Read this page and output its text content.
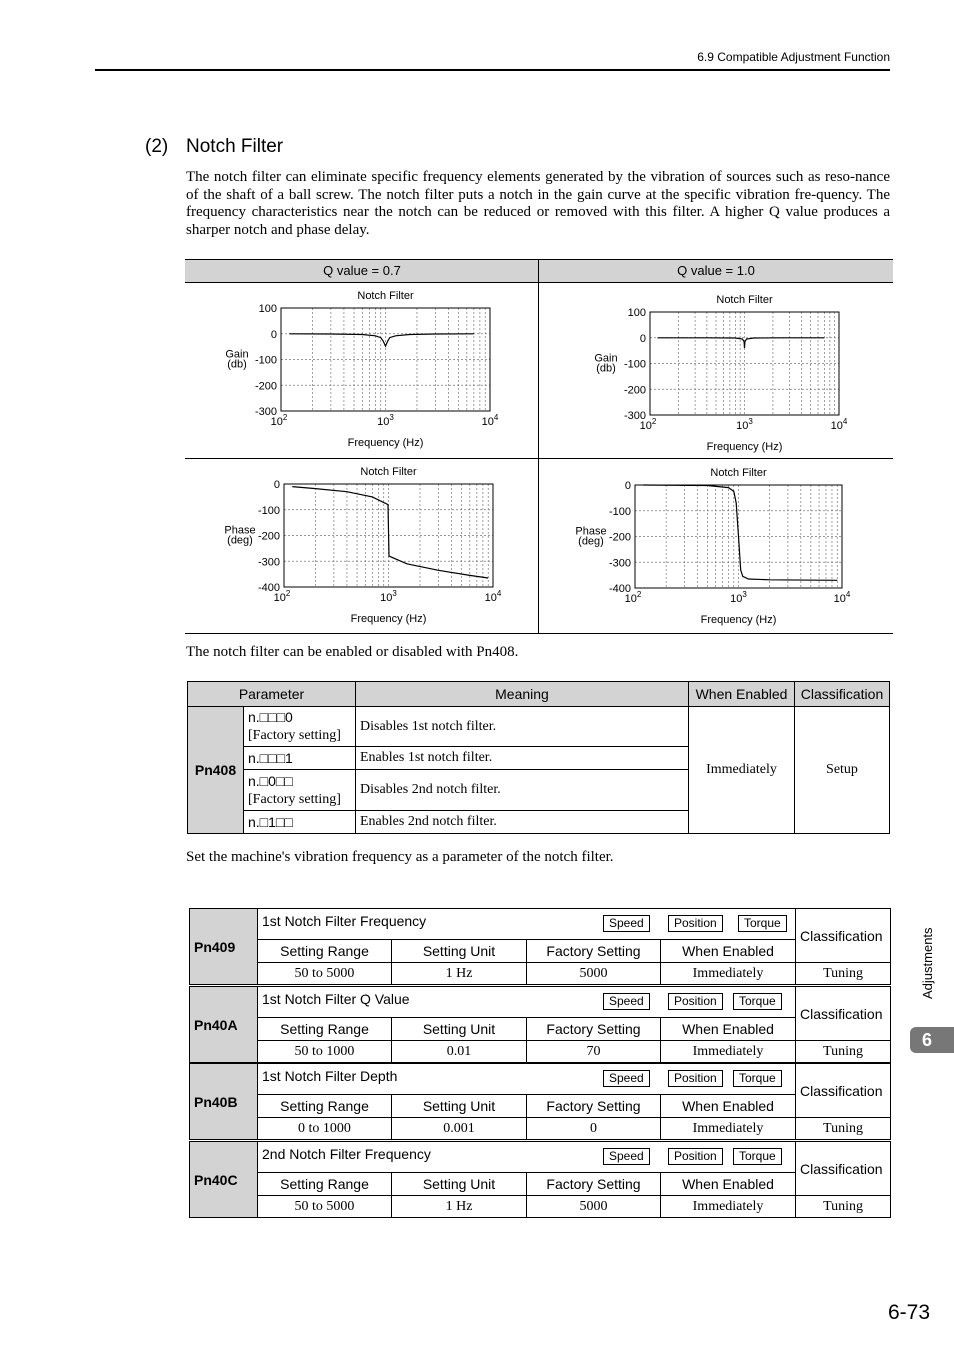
6.9 Compatible Adjustment Function
(2) Notch Filter
The notch filter can eliminate specific frequency elements generated by the vibration of sources such as reso-nance of the shaft of a ball screw. The notch filter puts a notch in the gain curve at the specific vibration fre-quency. The frequency characteristics near the notch can be reduced or removed with this filter. A higher Q value produces a sharper notch and phase delay.
Q value = 0.7	Q value = 1.0
100
0
-100
-200
-300
$10^2$	$10^3$	$10^4$
Notch Filter
Frequency (Hz)
Gain
(db)
100
0
-100
-200
-300
$10^2$	$10^3$	$10^4$
Notch Filter
Frequency (Hz)
Gain
(db)
0
-100
-200
-300
-400
$10^2$	$10^3$	$10^4$
Notch Filter
Frequency (Hz)
Phase
(deg)
0
-100
-200
-300
-400
$10^2$	$10^3$	$10^4$
Notch Filter
Frequency (Hz)
Phase
(deg)
The notch filter can be enabled or disabled with Pn408.
Parameter		Meaning	When Enabled	Classification
Pn408	n.□□□0
[Factory setting]	Disables 1st notch filter.	Immediately	Setup
	n.□□□1	Enables 1st notch filter.		
	n.□0□□
[Factory setting]	Disables 2nd notch filter.		
	n.□1□□	Enables 2nd notch filter.		
Set the machine's vibration frequency as a parameter of the notch filter.
Pn409	1st Notch Filter Frequency Speed Position Torque				Classification
	Setting Range	Setting Unit	Factory Setting	When Enabled	
	50 to 5000	1 Hz	5000	Immediately	Tuning
Pn40A	1st Notch Filter Q Value Speed Position Torque				Classification
	Setting Range	Setting Unit	Factory Setting	When Enabled	
	50 to 1000	0.01	70	Immediately	Tuning
Pn40B	1st Notch Filter Depth Speed Position Torque				Classification
	Setting Range	Setting Unit	Factory Setting	When Enabled	
	0 to 1000	0.001	0	Immediately	Tuning
Pn40C	2nd Notch Filter Frequency Speed Position Torque				Classification
	Setting Range	Setting Unit	Factory Setting	When Enabled	
	50 to 5000	1 Hz	5000	Immediately	Tuning
Adjustments
6
6-73
